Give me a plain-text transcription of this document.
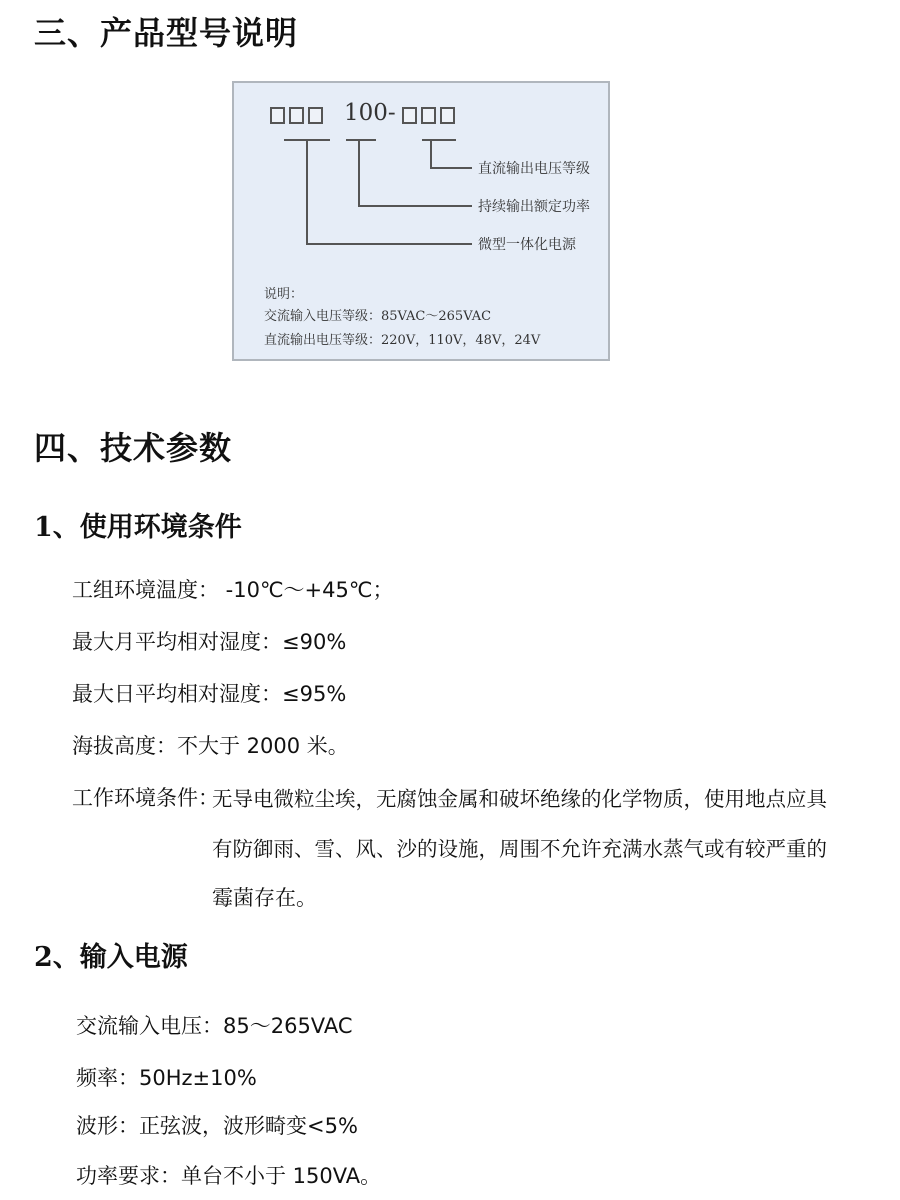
三、产品型号说明
100-
直流输出电压等级
持续输出额定功率
微型一体化电源
说明：
交流输入电压等级：85VAC～265VAC
直流输出电压等级：220V，110V，48V，24V
四、技术参数
1、使用环境条件
工组环境温度： -10℃～+45℃；
最大月平均相对湿度：≤90%
最大日平均相对湿度：≤95%
海拔高度：不大于 2000 米。
工作环境条件：
无导电微粒尘埃，无腐蚀金属和破坏绝缘的化学物质，使用地点应具
有防御雨、雪、风、沙的设施，周围不允许充满水蒸气或有较严重的
霉菌存在。
2、输入电源
交流输入电压：85～265VAC
频率：50Hz±10%
波形：正弦波，波形畸变<5%
功率要求：单台不小于 150VA。
